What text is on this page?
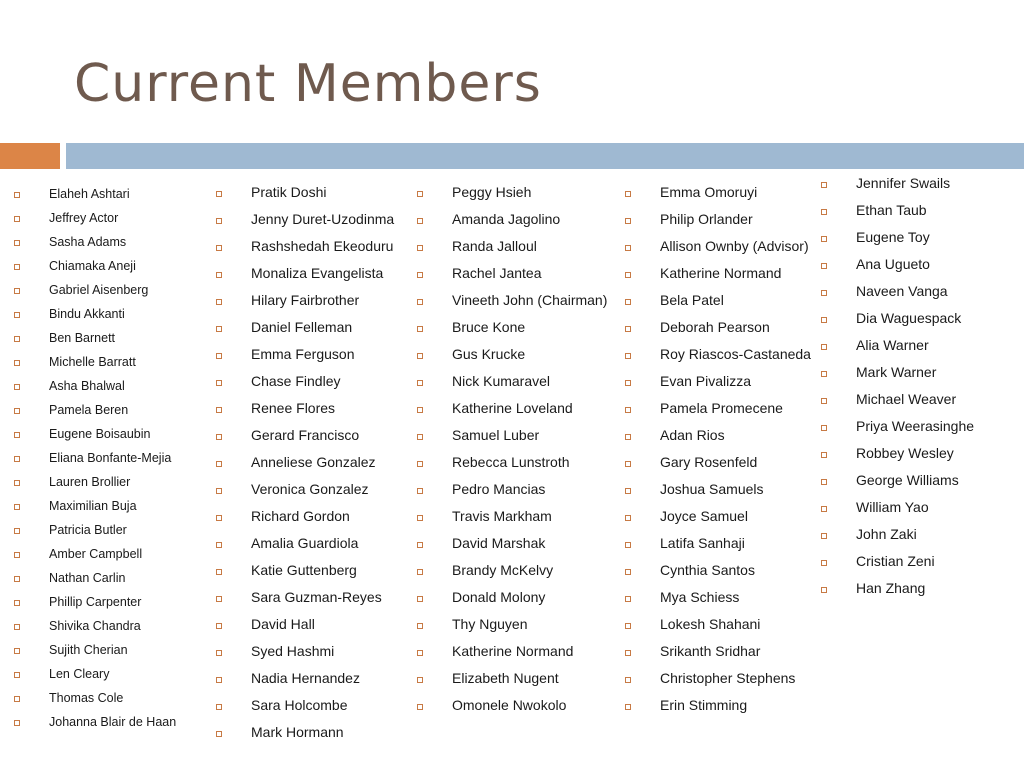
Current Members
Elaheh Ashtari
Jeffrey Actor
Sasha Adams
Chiamaka Aneji
Gabriel Aisenberg
Bindu Akkanti
Ben Barnett
Michelle Barratt
Asha Bhalwal
Pamela Beren
Eugene Boisaubin
Eliana Bonfante-Mejia
Lauren Brollier
Maximilian Buja
Patricia Butler
Amber Campbell
Nathan Carlin
Phillip Carpenter
Shivika Chandra
Sujith Cherian
Len Cleary
Thomas Cole
Johanna Blair de Haan
Pratik Doshi
Jenny Duret-Uzodinma
Rashshedah Ekeoduru
Monaliza Evangelista
Hilary Fairbrother
Daniel Felleman
Emma Ferguson
Chase Findley
Renee Flores
Gerard Francisco
Anneliese Gonzalez
Veronica Gonzalez
Richard Gordon
Amalia Guardiola
Katie Guttenberg
Sara Guzman-Reyes
David Hall
Syed Hashmi
Nadia Hernandez
Sara Holcombe
Mark Hormann
Peggy Hsieh
Amanda Jagolino
Randa Jalloul
Rachel Jantea
Vineeth John (Chairman)
Bruce Kone
Gus Krucke
Nick Kumaravel
Katherine Loveland
Samuel Luber
Rebecca Lunstroth
Pedro Mancias
Travis Markham
David Marshak
Brandy McKelvy
Donald Molony
Thy Nguyen
Katherine Normand
Elizabeth Nugent
Omonele Nwokolo
Emma Omoruyi
Philip Orlander
Allison Ownby (Advisor)
Katherine Normand
Bela Patel
Deborah Pearson
Roy Riascos-Castaneda
Evan Pivalizza
Pamela Promecene
Adan Rios
Gary Rosenfeld
Joshua Samuels
Joyce Samuel
Latifa Sanhaji
Cynthia Santos
Mya Schiess
Lokesh Shahani
Srikanth Sridhar
Christopher Stephens
Erin Stimming
Jennifer Swails
Ethan Taub
Eugene Toy
Ana Ugueto
Naveen Vanga
Dia Waguespack
Alia Warner
Mark Warner
Michael Weaver
Priya Weerasinghe
Robbey Wesley
George Williams
William Yao
John Zaki
Cristian Zeni
Han Zhang
